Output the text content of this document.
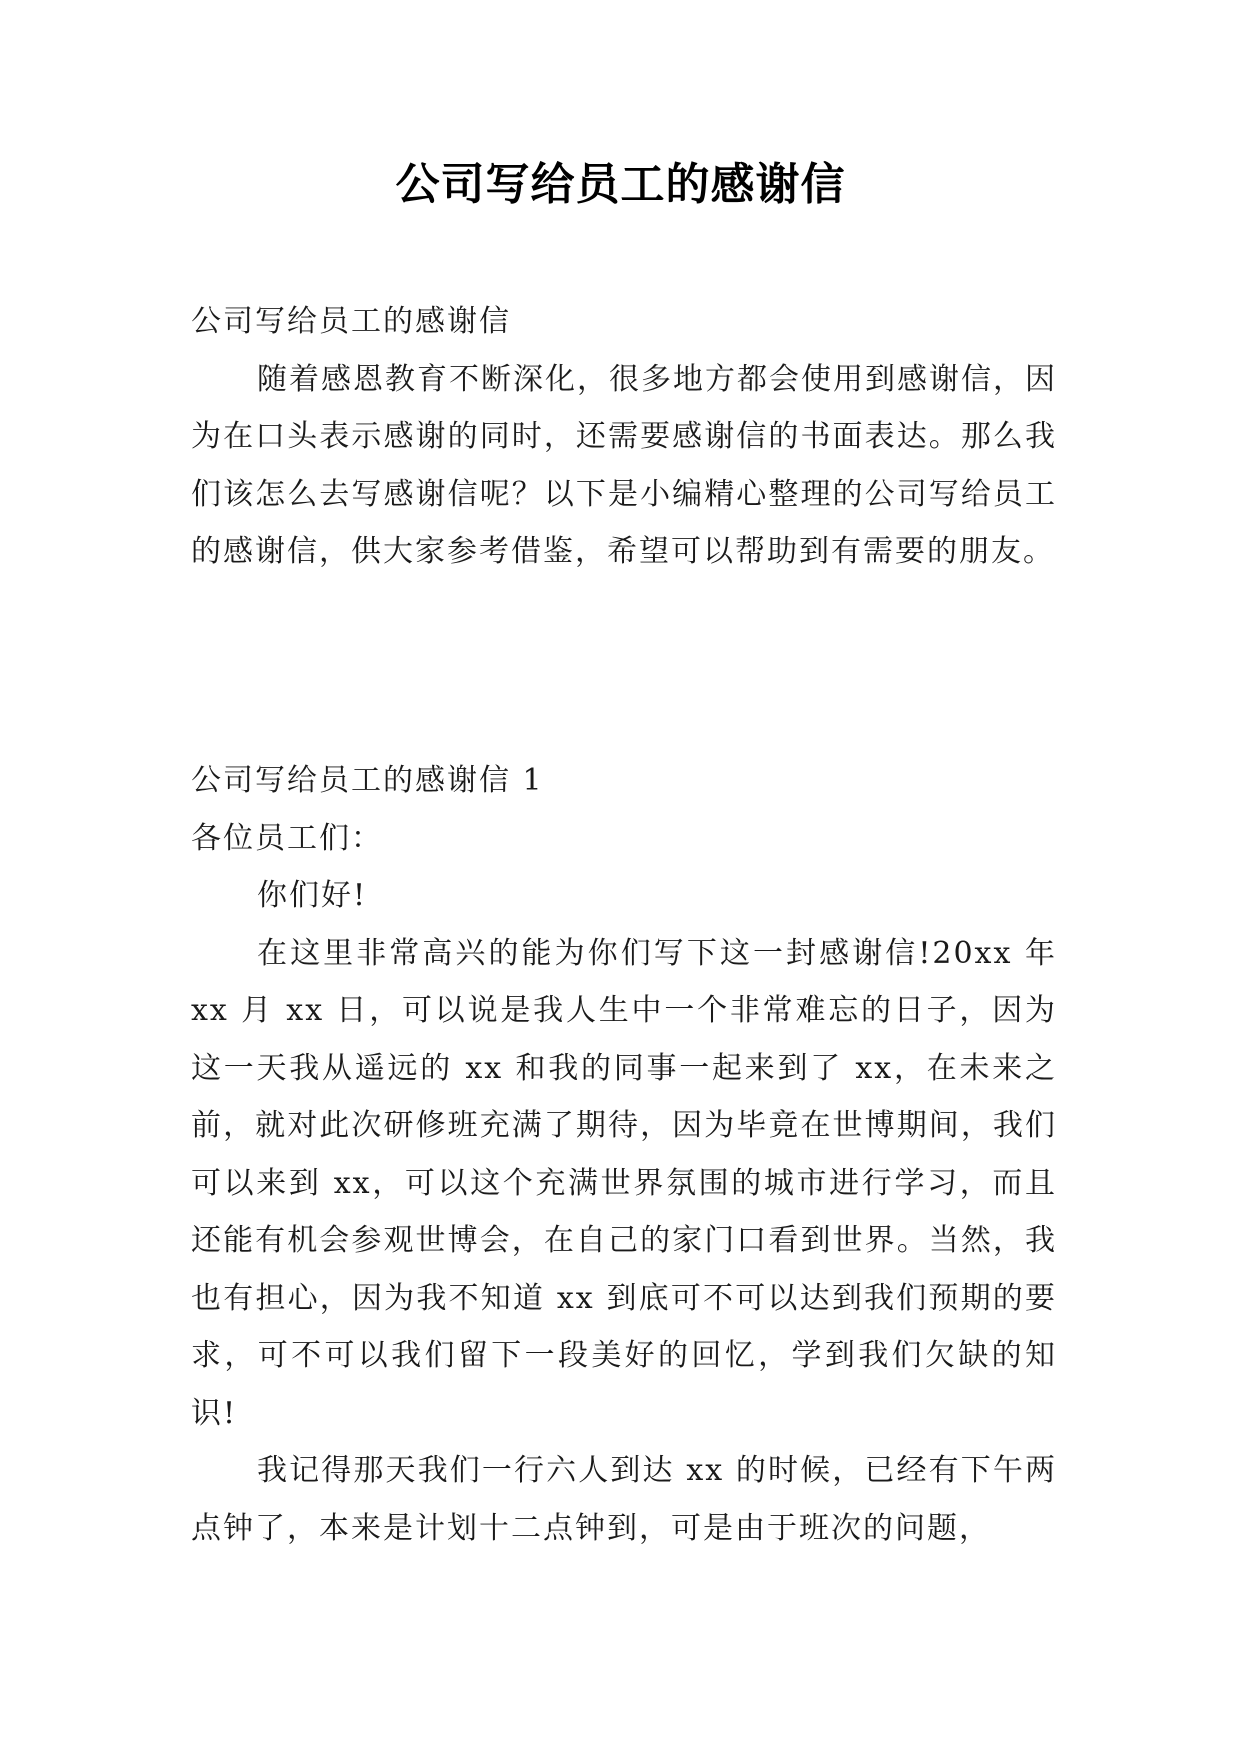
公司写给员工的感谢信

公司写给员工的感谢信

随着感恩教育不断深化，很多地方都会使用到感谢信，因为在口头表示感谢的同时，还需要感谢信的书面表达。那么我们该怎么去写感谢信呢？以下是小编精心整理的公司写给员工的感谢信，供大家参考借鉴，希望可以帮助到有需要的朋友。

公司写给员工的感谢信 1

各位员工们：

你们好!

在这里非常高兴的能为你们写下这一封感谢信!20xx 年 xx 月 xx 日，可以说是我人生中一个非常难忘的日子，因为这一天我从遥远的 xx 和我的同事一起来到了 xx，在未来之前，就对此次研修班充满了期待，因为毕竟在世博期间，我们可以来到 xx，可以这个充满世界氛围的城市进行学习，而且还能有机会参观世博会，在自己的家门口看到世界。当然，我也有担心，因为我不知道 xx 到底可不可以达到我们预期的要求，可不可以我们留下一段美好的回忆，学到我们欠缺的知识!

我记得那天我们一行六人到达 xx 的时候，已经有下午两点钟了，本来是计划十二点钟到，可是由于班次的问题，
